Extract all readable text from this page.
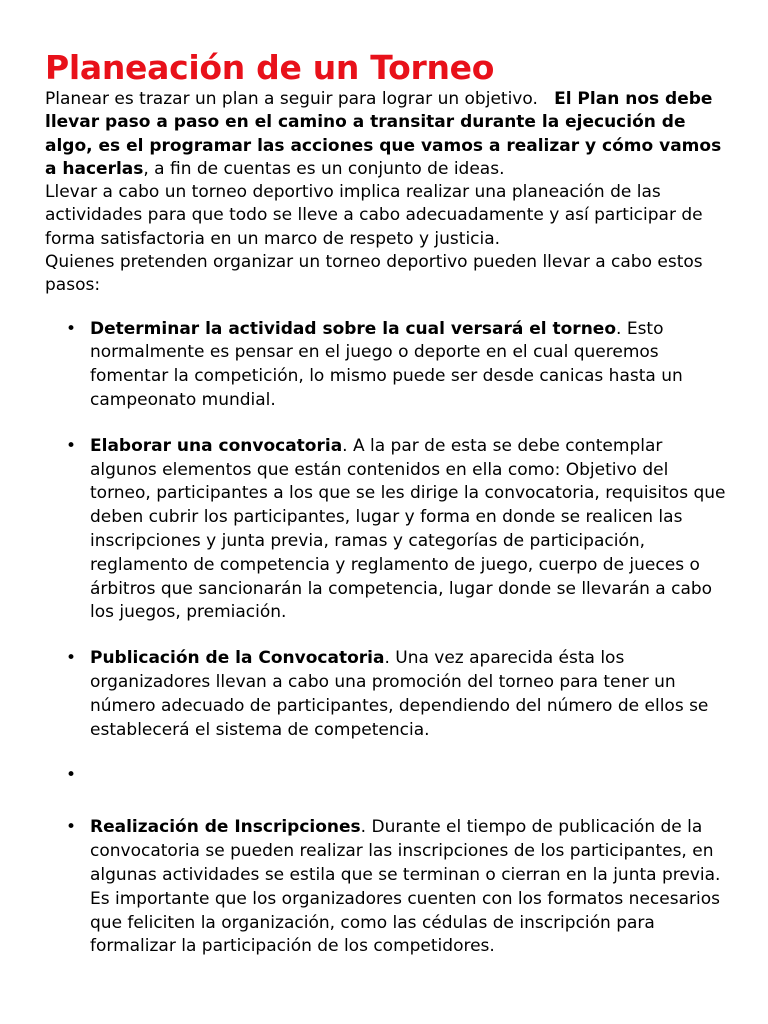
Planeación de un Torneo

Planear es trazar un plan a seguir para lograr un objetivo.   El Plan nos debe llevar paso a paso en el camino a transitar durante la ejecución de algo, es el programar las acciones que vamos a realizar y cómo vamos a hacerlas, a fin de cuentas es un conjunto de ideas.

Llevar a cabo un torneo deportivo implica realizar una planeación de las actividades para que todo se lleve a cabo adecuadamente y así participar de forma satisfactoria en un marco de respeto y justicia.

Quienes pretenden organizar un torneo deportivo pueden llevar a cabo estos pasos:

• Determinar la actividad sobre la cual versará el torneo. Esto normalmente es pensar en el juego o deporte en el cual queremos fomentar la competición, lo mismo puede ser desde canicas hasta un campeonato mundial.
• Elaborar una convocatoria. A la par de esta se debe contemplar algunos elementos que están contenidos en ella como: Objetivo del torneo, participantes a los que se les dirige la convocatoria, requisitos que deben cubrir los participantes, lugar y forma en donde se realicen las inscripciones y junta previa, ramas y categorías de participación, reglamento de competencia y reglamento de juego, cuerpo de jueces o árbitros que sancionarán la competencia, lugar donde se llevarán a cabo los juegos, premiación.
• Publicación de la Convocatoria. Una vez aparecida ésta los organizadores llevan a cabo una promoción del torneo para tener un número adecuado de participantes, dependiendo del número de ellos se establecerá el sistema de competencia.
•
• Realización de Inscripciones. Durante el tiempo de publicación de la convocatoria se pueden realizar las inscripciones de los participantes, en algunas actividades se estila que se terminan o cierran en la junta previa. Es importante que los organizadores cuenten con los formatos necesarios que feliciten la organización, como las cédulas de inscripción para formalizar la participación de los competidores.
